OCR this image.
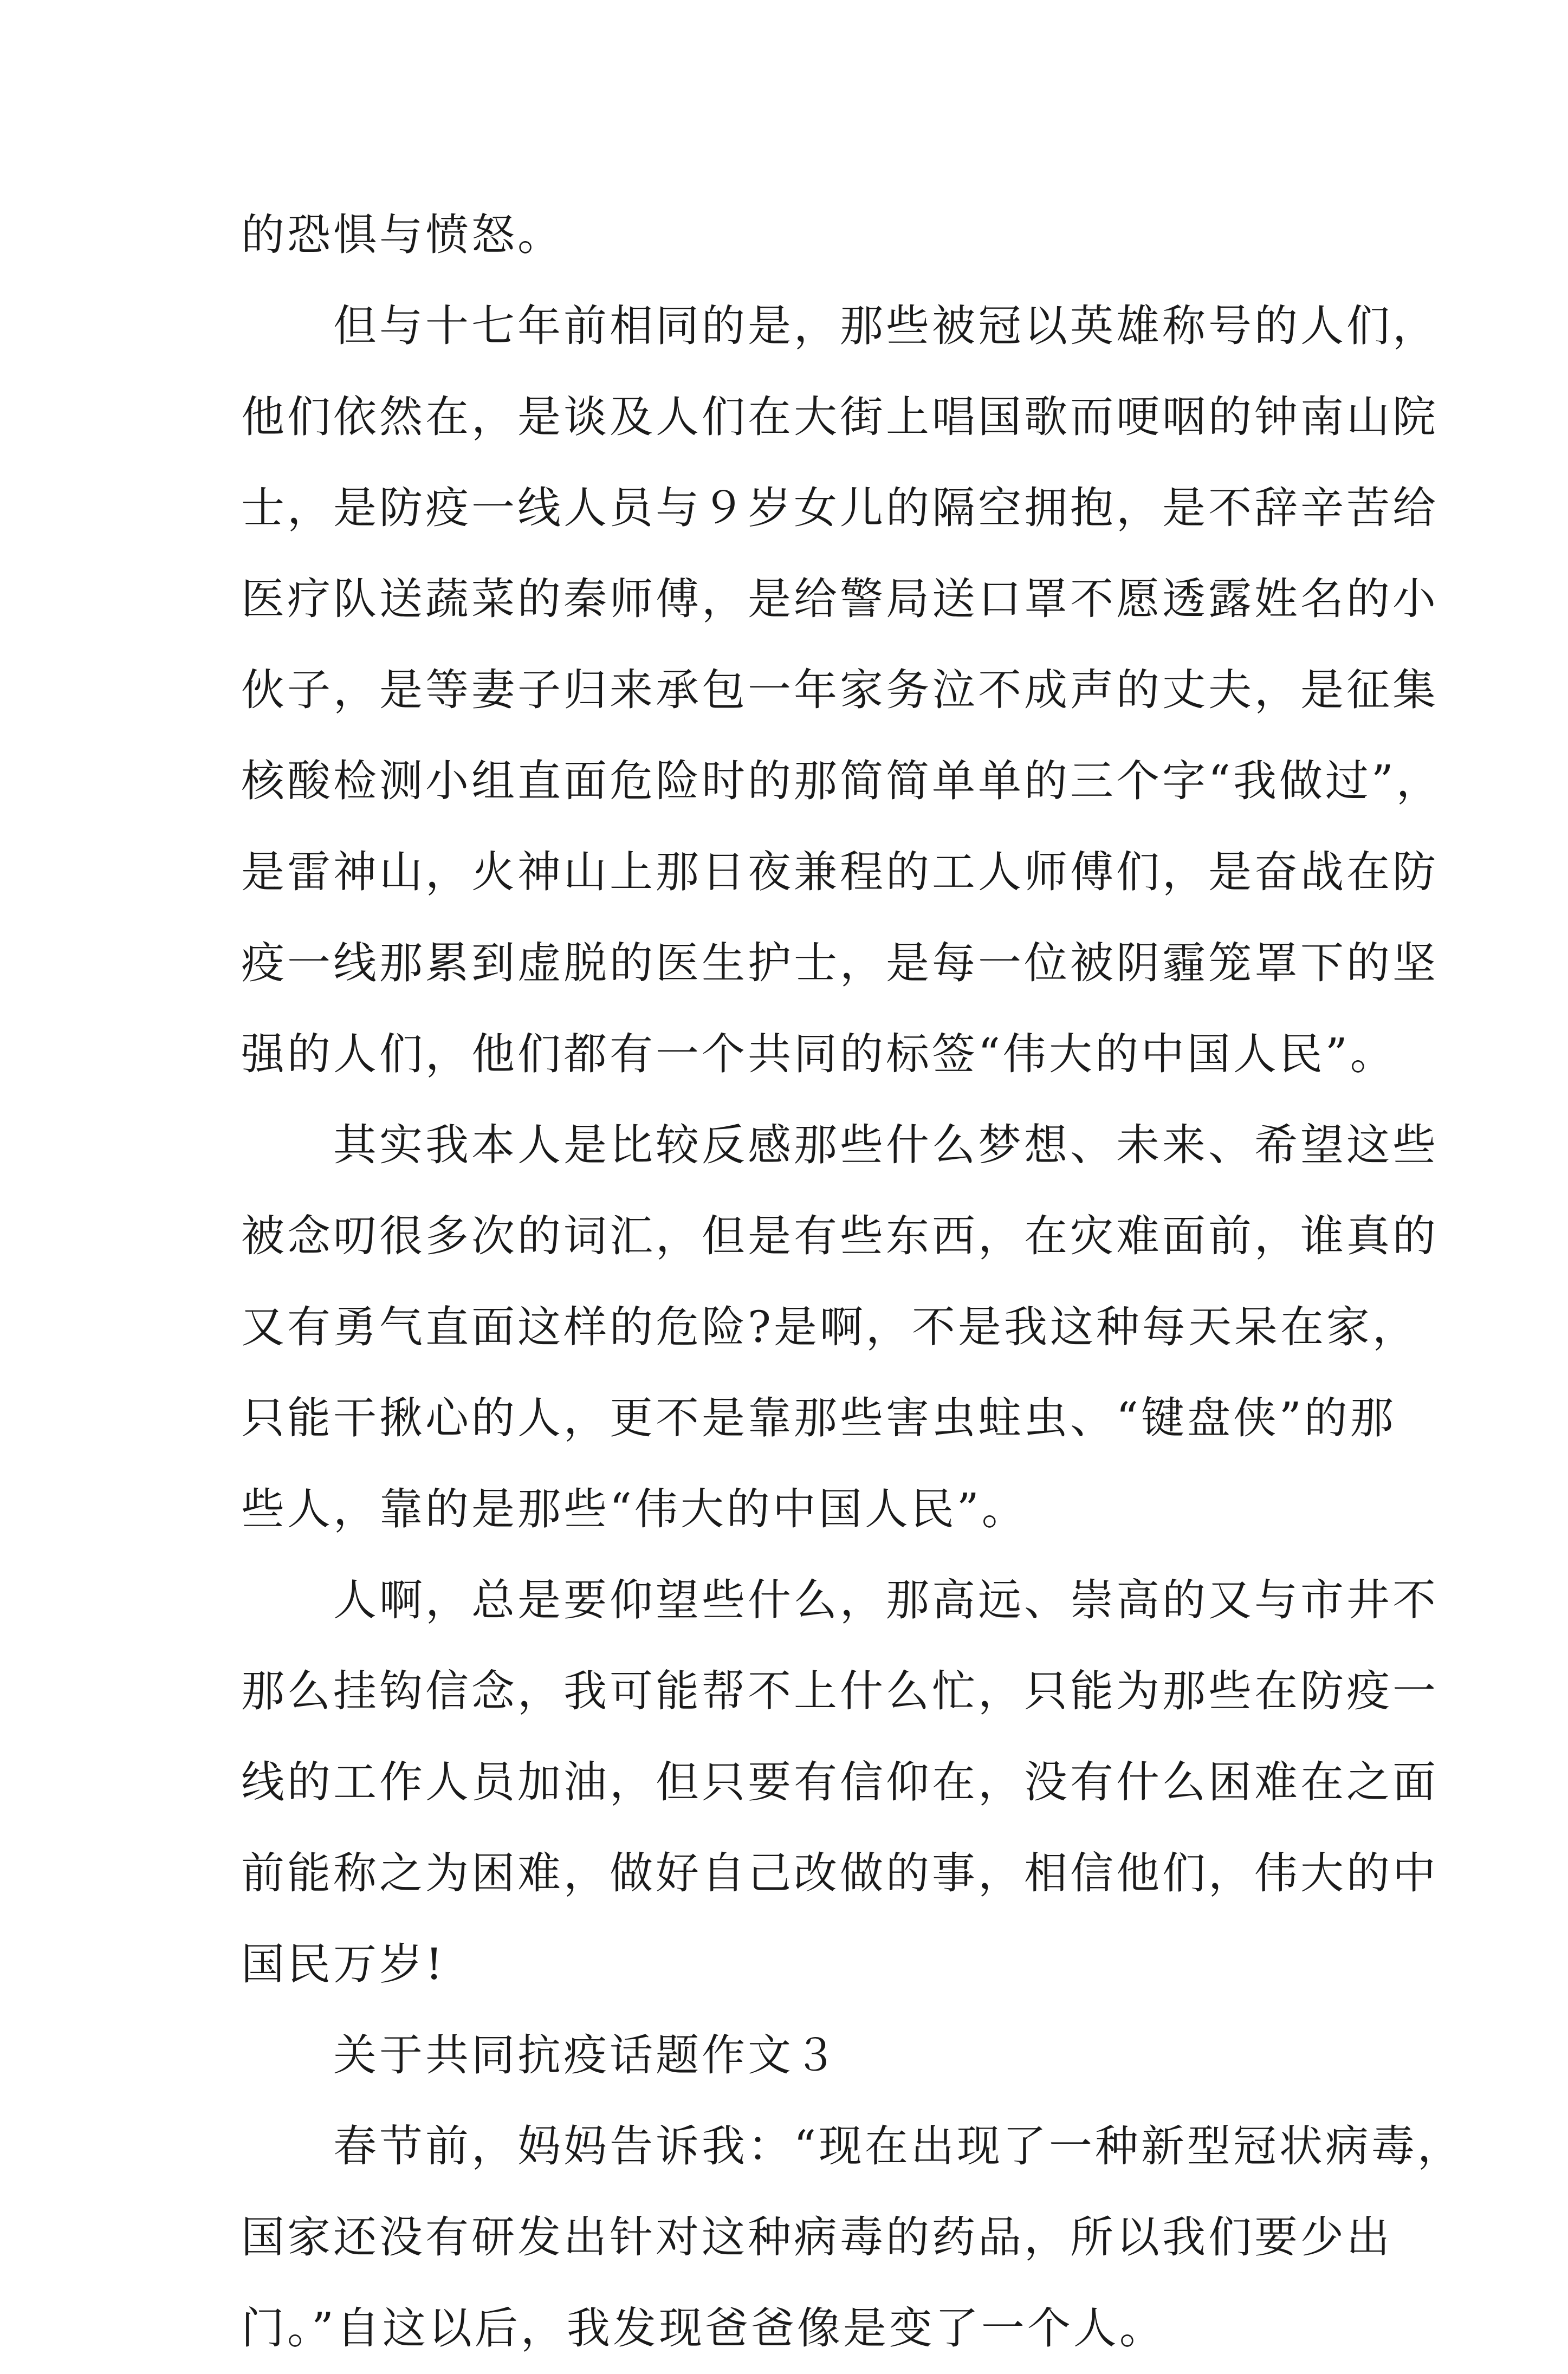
的恐惧与愤怒。
但与十七年前相同的是，那些被冠以英雄称号的人们，
他们依然在，是谈及人们在大街上唱国歌而哽咽的钟南山院
士，是防疫一线人员与９岁女儿的隔空拥抱，是不辞辛苦给
医疗队送蔬菜的秦师傅，是给警局送口罩不愿透露姓名的小
伙子，是等妻子归来承包一年家务泣不成声的丈夫，是征集
核酸检测小组直面危险时的那简简单单的三个字“我做过”，
是雷神山，火神山上那日夜兼程的工人师傅们，是奋战在防
疫一线那累到虚脱的医生护士，是每一位被阴霾笼罩下的坚
强的人们，他们都有一个共同的标签“伟大的中国人民”。
其实我本人是比较反感那些什么梦想、未来、希望这些
被念叨很多次的词汇，但是有些东西，在灾难面前，谁真的
又有勇气直面这样的危险?是啊，不是我这种每天呆在家，
只能干揪心的人，更不是靠那些害虫蛀虫、“键盘侠”的那
些人，靠的是那些“伟大的中国人民”。
人啊，总是要仰望些什么，那高远、崇高的又与市井不
那么挂钩信念，我可能帮不上什么忙，只能为那些在防疫一
线的工作人员加油，但只要有信仰在，没有什么困难在之面
前能称之为困难，做好自己改做的事，相信他们，伟大的中
国民万岁!
关于共同抗疫话题作文３
春节前，妈妈告诉我：“现在出现了一种新型冠状病毒，
国家还没有研发出针对这种病毒的药品，所以我们要少出
门。”自这以后，我发现爸爸像是变了一个人。
